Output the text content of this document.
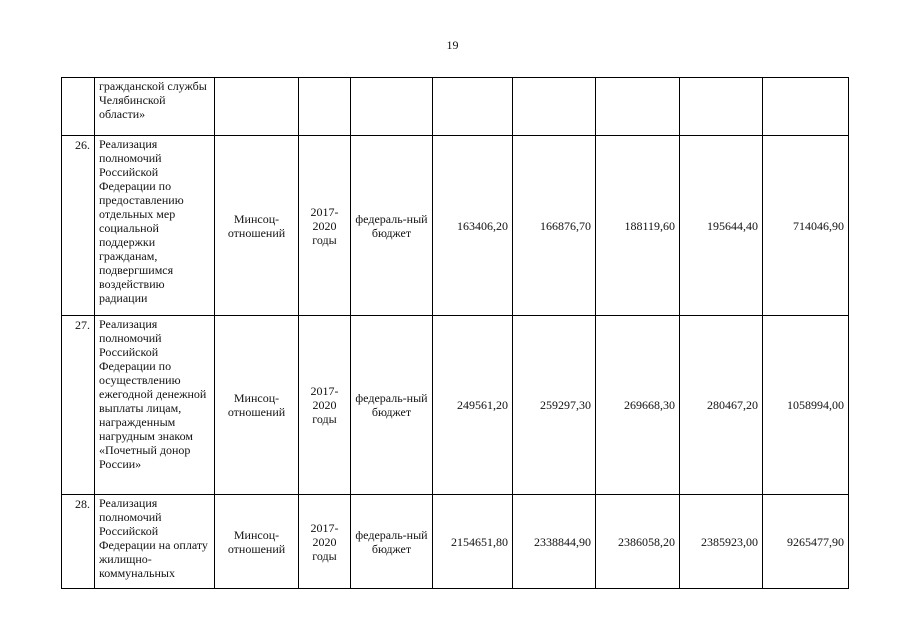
19
	гражданской службы Челябинской области»								
26.	Реализация полномочий Российской Федерации по предоставлению отдельных мер социальной поддержки гражданам, подвергшимся воздействию радиации	Минсоц-отношений	2017-2020 годы	федераль-ный бюджет	163406,20	166876,70	188119,60	195644,40	714046,90
27.	Реализация полномочий Российской Федерации по осуществлению ежегодной денежной выплаты лицам, награжденным нагрудным знаком «Почетный донор России»	Минсоц-отношений	2017-2020 годы	федераль-ный бюджет	249561,20	259297,30	269668,30	280467,20	1058994,00
28.	Реализация полномочий Российской Федерации на оплату жилищно-коммунальных	Минсоц-отношений	2017-2020 годы	федераль-ный бюджет	2154651,80	2338844,90	2386058,20	2385923,00	9265477,90
